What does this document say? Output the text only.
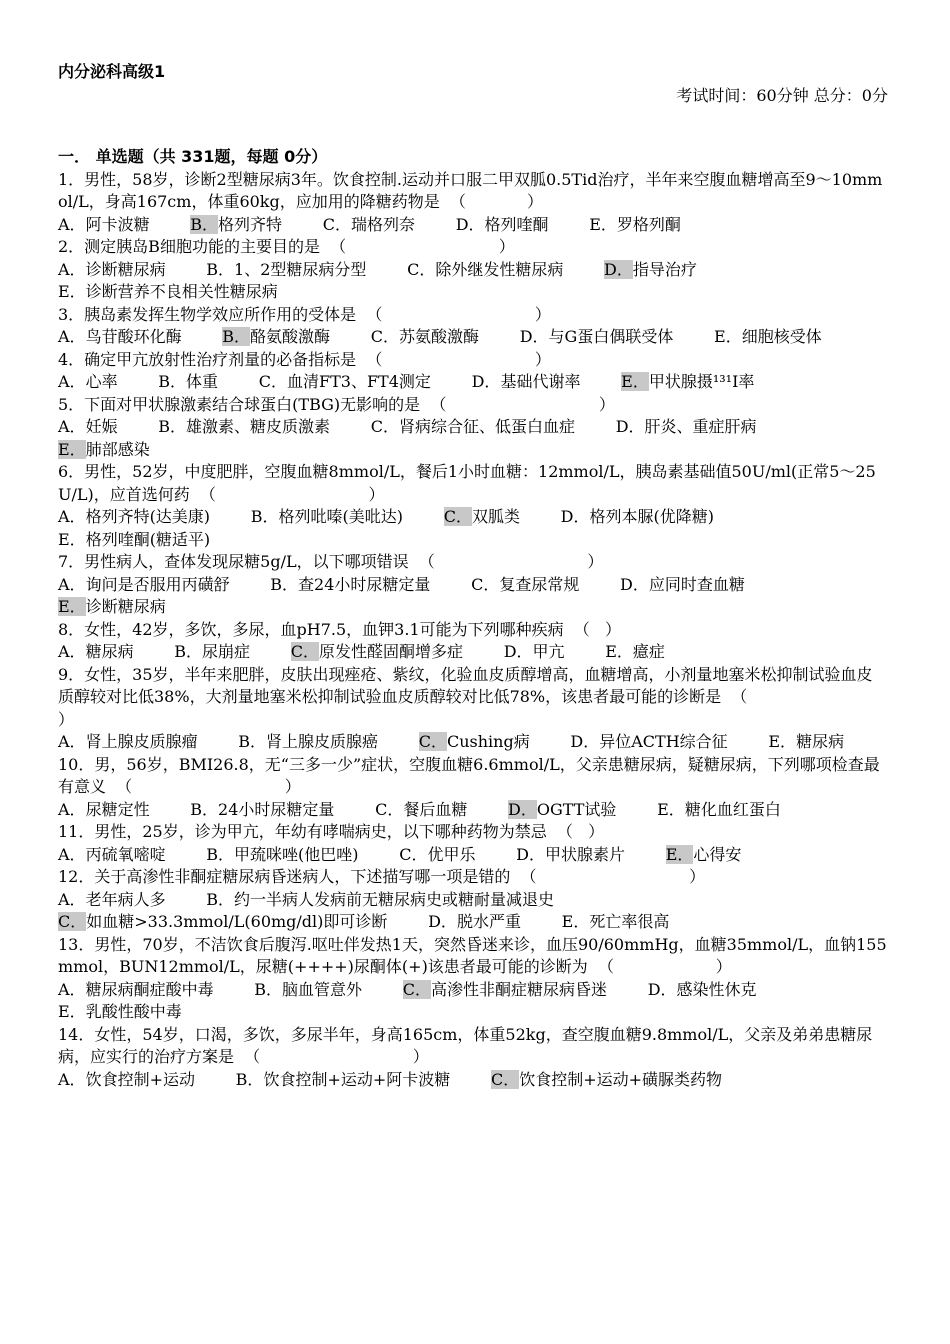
内分泌科高级1
考试时间：60分钟 总分：0分
一． 单选题（共 331题，每题 0分）
1．男性，58岁，诊断2型糖尿病3年。饮食控制.运动并口服二甲双胍0.5Tid治疗，半年来空腹血糖增高至9～10mmol/L，身高167cm，体重60kg，应加用的降糖药物是  （            ）
A．阿卡波糖	B．格列齐特	C．瑞格列奈	D．格列喹酮	E．罗格列酮
2．测定胰岛B细胞功能的主要目的是  （                              ）
A．诊断糖尿病	B．1、2型糖尿病分型	C．除外继发性糖尿病	D．指导治疗        E．诊断营养不良相关性糖尿病
3．胰岛素发挥生物学效应所作用的受体是  （                              ）
A．鸟苷酸环化酶	B．酪氨酸激酶	C．苏氨酸激酶	D．与G蛋白偶联受体	E．细胞核受体
4．确定甲亢放射性治疗剂量的必备指标是  （                              ）
A．心率	B．体重	C．血清FT3、FT4测定	D．基础代谢率	E．甲状腺摄¹³¹I率
5．下面对甲状腺激素结合球蛋白(TBG)无影响的是  （                              ）
A．妊娠	B．雄激素、糖皮质激素	C．肾病综合征、低蛋白血症	D．肝炎、重症肝病        E．肺部感染
6．男性，52岁，中度肥胖，空腹血糖8mmol/L，餐后1小时血糖：12mmol/L，胰岛素基础值50U/ml(正常5～25U/L)，应首选何药  （                              ）
A．格列齐特(达美康)	B．格列吡嗪(美吡达)	C．双胍类	D．格列本脲(优降糖)        E．格列喹酮(糖适平)
7．男性病人，查体发现尿糖5g/L，以下哪项错误  （                              ）
A．询问是否服用丙磺舒	B．查24小时尿糖定量	C．复查尿常规	D．应同时查血糖        E．诊断糖尿病
8．女性，42岁，多饮，多尿，血pH7.5，血钾3.1可能为下列哪种疾病  （   ）
A．糖尿病	B．尿崩症	C．原发性醛固酮增多症	D．甲亢	E．癔症
9．女性，35岁，半年来肥胖，皮肤出现痤疮、紫纹，化验血皮质醇增高，血糖增高，小剂量地塞米松抑制试验血皮质醇较对比低38%，大剂量地塞米松抑制试验血皮质醇较对比低78%，该患者最可能的诊断是  （                              ）
A．肾上腺皮质腺瘤	B．肾上腺皮质腺癌	C．Cushing病	D．异位ACTH综合征	E．糖尿病
10．男，56岁，BMI26.8，无“三多一少”症状，空腹血糖6.6mmol/L，父亲患糖尿病，疑糖尿病，下列哪项检查最有意义  （                              ）
A．尿糖定性	B．24小时尿糖定量	C．餐后血糖	D．OGTT试验	E．糖化血红蛋白
11．男性，25岁，诊为甲亢，年幼有哮喘病史，以下哪种药物为禁忌  （   ）
A．丙硫氧嘧啶	B．甲巯咪唑(他巴唑)	C．优甲乐	D．甲状腺素片	E．心得安
12．关于高渗性非酮症糖尿病昏迷病人，下述描写哪一项是错的  （                              ）
A．老年病人多	B．约一半病人发病前无糖尿病史或糖耐量减退史        C．如血糖>33.3mmol/L(60mg/dl)即可诊断	D．脱水严重	E．死亡率很高
13．男性，70岁，不洁饮食后腹泻.呕吐伴发热1天，突然昏迷来诊，血压90/60mmHg，血糖35mmol/L，血钠155mmol，BUN12mmol/L，尿糖(++++)尿酮体(+)该患者最可能的诊断为  （                    ）
A．糖尿病酮症酸中毒	B．脑血管意外	C．高渗性非酮症糖尿病昏迷	D．感染性休克        E．乳酸性酸中毒
14．女性，54岁，口渴，多饮，多尿半年，身高165cm，体重52kg，查空腹血糖9.8mmol/L，父亲及弟弟患糖尿病，应实行的治疗方案是  （                              ）
A．饮食控制+运动	B．饮食控制+运动+阿卡波糖	C．饮食控制+运动+磺脲类药物
